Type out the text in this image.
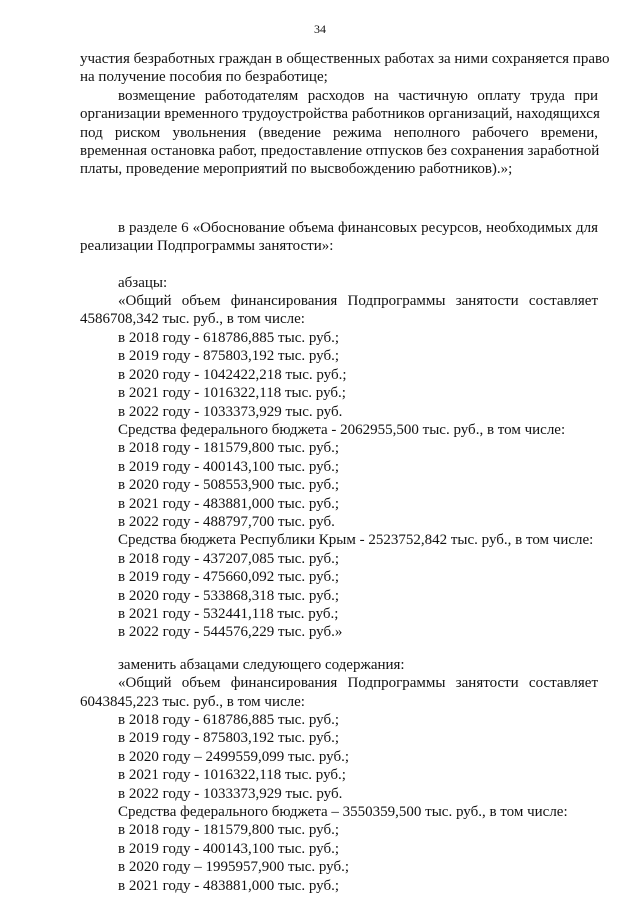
34
участия безработных граждан в общественных работах за ними сохраняется право
на получение пособия по безработице;
возмещение работодателям расходов на частичную оплату труда при
организации временного трудоустройства работников организаций, находящихся
под риском увольнения (введение режима неполного рабочего времени,
временная остановка работ, предоставление отпусков без сохранения заработной
платы, проведение мероприятий по высвобождению работников).»;
в разделе 6 «Обоснование объема финансовых ресурсов, необходимых для
реализации Подпрограммы занятости»:
абзацы:
«Общий объем финансирования Подпрограммы занятости составляет
4586708,342 тыс. руб., в том числе:
в 2018 году - 618786,885 тыс. руб.;
в 2019 году - 875803,192 тыс. руб.;
в 2020 году - 1042422,218 тыс. руб.;
в 2021 году - 1016322,118 тыс. руб.;
в 2022 году - 1033373,929 тыс. руб.
Средства федерального бюджета - 2062955,500 тыс. руб., в том числе:
в 2018 году - 181579,800 тыс. руб.;
в 2019 году - 400143,100 тыс. руб.;
в 2020 году - 508553,900 тыс. руб.;
в 2021 году - 483881,000 тыс. руб.;
в 2022 году - 488797,700 тыс. руб.
Средства бюджета Республики Крым - 2523752,842 тыс. руб., в том числе:
в 2018 году - 437207,085 тыс. руб.;
в 2019 году - 475660,092 тыс. руб.;
в 2020 году - 533868,318 тыс. руб.;
в 2021 году - 532441,118 тыс. руб.;
в 2022 году - 544576,229 тыс. руб.»
заменить абзацами следующего содержания:
«Общий объем финансирования Подпрограммы занятости составляет
6043845,223 тыс. руб., в том числе:
в 2018 году - 618786,885 тыс. руб.;
в 2019 году - 875803,192 тыс. руб.;
в 2020 году – 2499559,099 тыс. руб.;
в 2021 году - 1016322,118 тыс. руб.;
в 2022 году - 1033373,929 тыс. руб.
Средства федерального бюджета – 3550359,500 тыс. руб., в том числе:
в 2018 году - 181579,800 тыс. руб.;
в 2019 году - 400143,100 тыс. руб.;
в 2020 году – 1995957,900 тыс. руб.;
в 2021 году - 483881,000 тыс. руб.;
